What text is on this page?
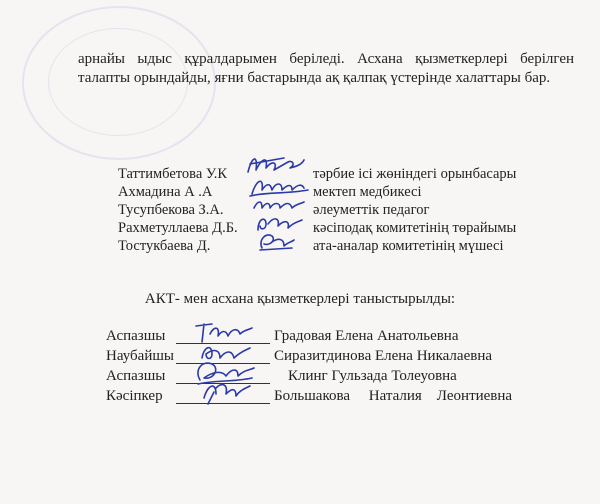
арнайы ыдыс құралдарымен беріледі. Асхана қызметкерлері берілген талапты орындайды, яғни бастарында ақ қалпақ үстерінде халаттары бар.

Таттимбетова У.К	тәрбие ісі жөніндегі орынбасары
Ахмадина А .А	мектеп медбикесі
Тусупбекова З.А.	әлеуметтік педагог
Рахметуллаева Д.Б.	кәсіподақ комитетінің төрайымы
Тостукбаева Д.	ата-аналар комитетінің мүшесі
АКТ- мен асхана қызметкерлері таныстырылды:
Аспазшы	Градовая Елена Анатольевна
Наубайшы	Сиразитдинова Елена Никалаевна
Аспазшы	Клинг Гульзада Толеуовна
Кәсіпкер	Большакова     Наталия    Леонтиевна
